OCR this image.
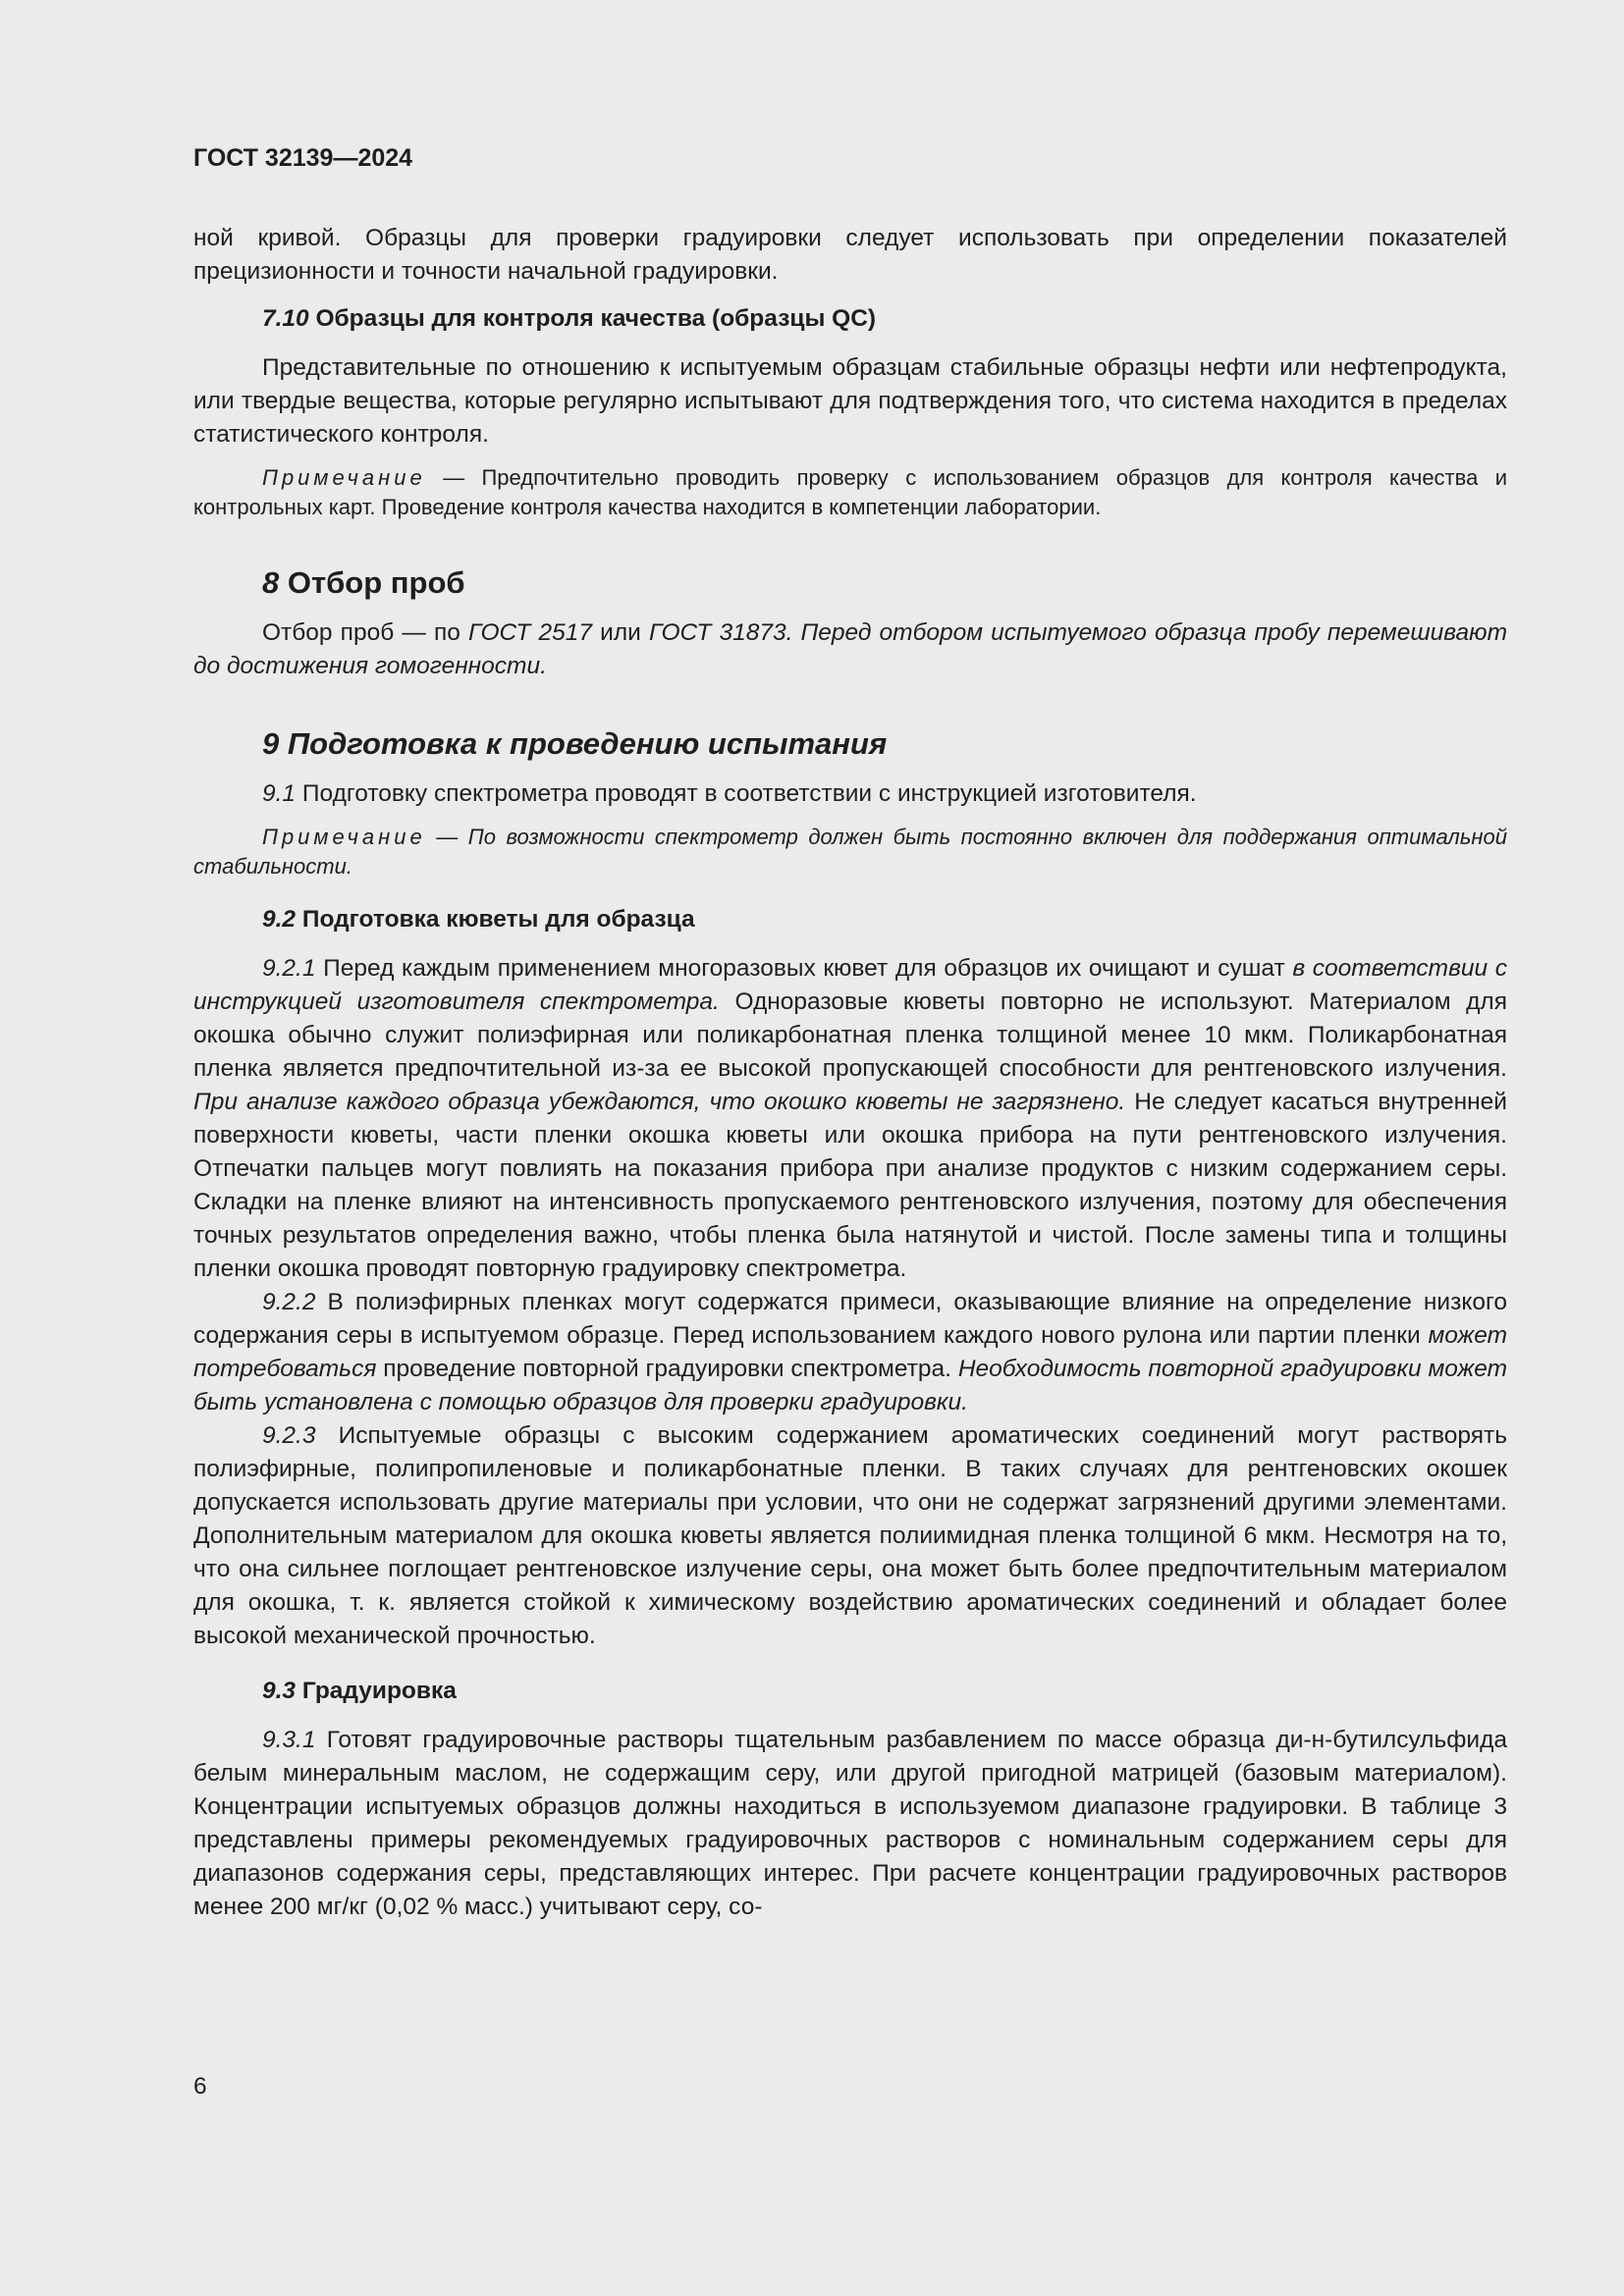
ГОСТ 32139—2024

ной кривой. Образцы для проверки градуировки следует использовать при определении показателей прецизионности и точности начальной градуировки.

7.10 Образцы для контроля качества (образцы QC)

Представительные по отношению к испытуемым образцам стабильные образцы нефти или нефтепродукта, или твердые вещества, которые регулярно испытывают для подтверждения того, что система находится в пределах статистического контроля.

Примечание — Предпочтительно проводить проверку с использованием образцов для контроля качества и контрольных карт. Проведение контроля качества находится в компетенции лаборатории.
8 Отбор проб

Отбор проб — по ГОСТ 2517 или ГОСТ 31873. Перед отбором испытуемого образца пробу перемешивают до достижения гомогенности.

9 Подготовка к проведению испытания

9.1 Подготовку спектрометра проводят в соответствии с инструкцией изготовителя.

Примечание — По возможности спектрометр должен быть постоянно включен для поддержания оптимальной стабильности.
9.2 Подготовка кюветы для образца

9.2.1 Перед каждым применением многоразовых кювет для образцов их очищают и сушат в соответствии с инструкцией изготовителя спектрометра. Одноразовые кюветы повторно не используют. Материалом для окошка обычно служит полиэфирная или поликарбонатная пленка толщиной менее 10 мкм. Поликарбонатная пленка является предпочтительной из-за ее высокой пропускающей способности для рентгеновского излучения. При анализе каждого образца убеждаются, что окошко кюветы не загрязнено. Не следует касаться внутренней поверхности кюветы, части пленки окошка кюветы или окошка прибора на пути рентгеновского излучения. Отпечатки пальцев могут повлиять на показания прибора при анализе продуктов с низким содержанием серы. Складки на пленке влияют на интенсивность пропускаемого рентгеновского излучения, поэтому для обеспечения точных результатов определения важно, чтобы пленка была натянутой и чистой. После замены типа и толщины пленки окошка проводят повторную градуировку спектрометра.

9.2.2 В полиэфирных пленках могут содержатся примеси, оказывающие влияние на определение низкого содержания серы в испытуемом образце. Перед использованием каждого нового рулона или партии пленки может потребоваться проведение повторной градуировки спектрометра. Необходимость повторной градуировки может быть установлена с помощью образцов для проверки градуировки.

9.2.3 Испытуемые образцы с высоким содержанием ароматических соединений могут растворять полиэфирные, полипропиленовые и поликарбонатные пленки. В таких случаях для рентгеновских окошек допускается использовать другие материалы при условии, что они не содержат загрязнений другими элементами. Дополнительным материалом для окошка кюветы является полиимидная пленка толщиной 6 мкм. Несмотря на то, что она сильнее поглощает рентгеновское излучение серы, она может быть более предпочтительным материалом для окошка, т. к. является стойкой к химическому воздействию ароматических соединений и обладает более высокой механической прочностью.

9.3 Градуировка

9.3.1 Готовят градуировочные растворы тщательным разбавлением по массе образца ди-н-бутилсульфида белым минеральным маслом, не содержащим серу, или другой пригодной матрицей (базовым материалом). Концентрации испытуемых образцов должны находиться в используемом диапазоне градуировки. В таблице 3 представлены примеры рекомендуемых градуировочных растворов с номинальным содержанием серы для диапазонов содержания серы, представляющих интерес. При расчете концентрации градуировочных растворов менее 200 мг/кг (0,02 % масс.) учитывают серу, со-

6
